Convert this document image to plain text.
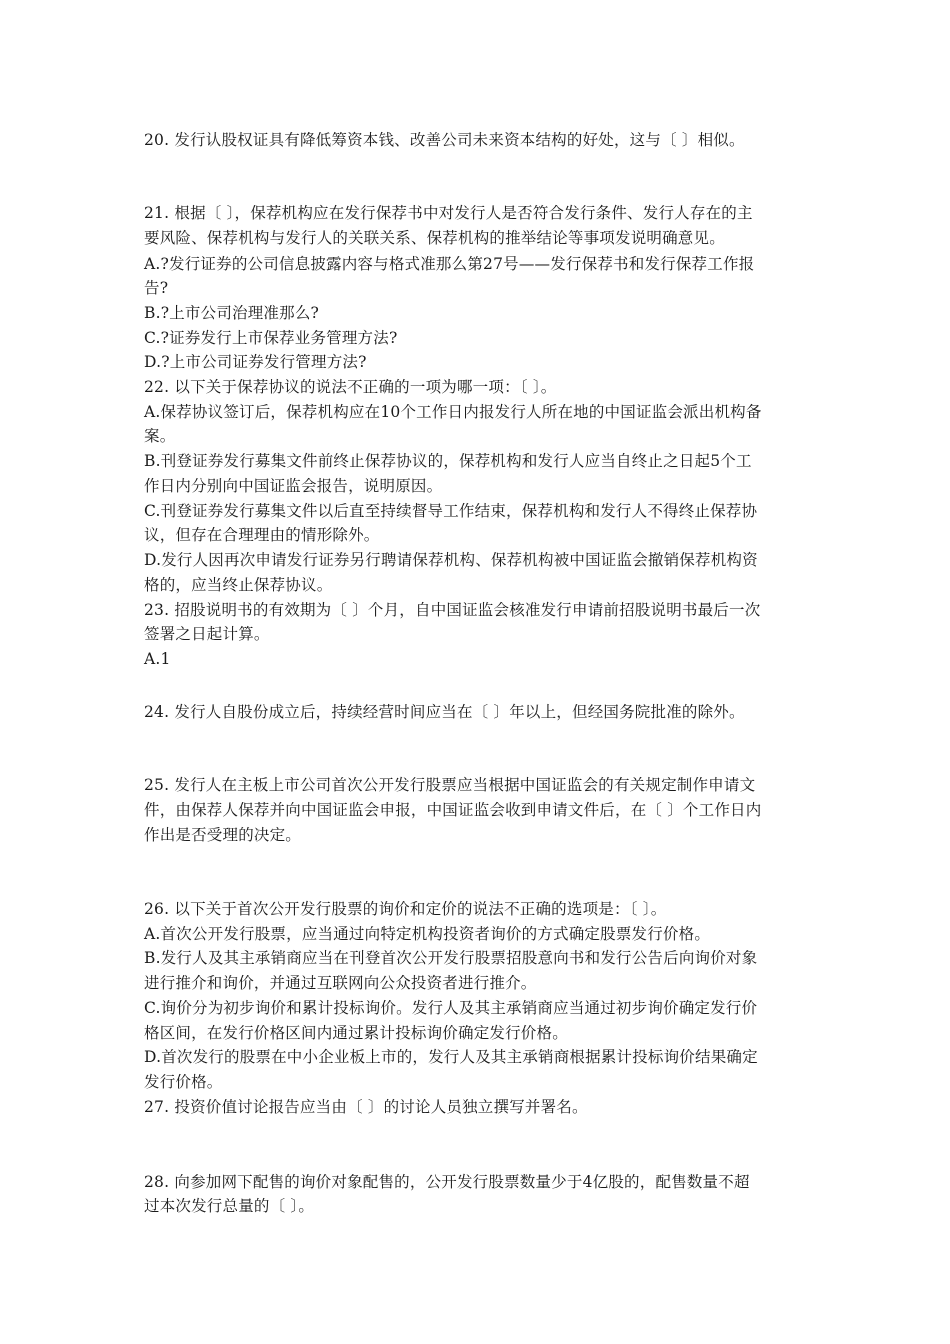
20. 发行认股权证具有降低筹资本钱、改善公司未来资本结构的好处，这与〔 〕相似。
21. 根据〔 〕，保荐机构应在发行保荐书中对发行人是否符合发行条件、发行人存在的主
要风险、保荐机构与发行人的关联关系、保荐机构的推举结论等事项发说明确意见。
A.?发行证券的公司信息披露内容与格式准那么第27号——发行保荐书和发行保荐工作报
告?
B.?上市公司治理准那么?
C.?证券发行上市保荐业务管理方法?
D.?上市公司证券发行管理方法?
22. 以下关于保荐协议的说法不正确的一项为哪一项：〔 〕。
A.保荐协议签订后，保荐机构应在10个工作日内报发行人所在地的中国证监会派出机构备
案。
B.刊登证券发行募集文件前终止保荐协议的，保荐机构和发行人应当自终止之日起5个工
作日内分别向中国证监会报告，说明原因。
C.刊登证券发行募集文件以后直至持续督导工作结束，保荐机构和发行人不得终止保荐协
议，但存在合理理由的情形除外。
D.发行人因再次申请发行证券另行聘请保荐机构、保荐机构被中国证监会撤销保荐机构资
格的，应当终止保荐协议。
23. 招股说明书的有效期为〔 〕个月，自中国证监会核准发行申请前招股说明书最后一次
签署之日起计算。
A.1
24. 发行人自股份成立后，持续经营时间应当在〔 〕年以上，但经国务院批准的除外。
25. 发行人在主板上市公司首次公开发行股票应当根据中国证监会的有关规定制作申请文
件，由保荐人保荐并向中国证监会申报，中国证监会收到申请文件后，在〔 〕个工作日内
作出是否受理的决定。
26. 以下关于首次公开发行股票的询价和定价的说法不正确的选项是：〔 〕。
A.首次公开发行股票，应当通过向特定机构投资者询价的方式确定股票发行价格。
B.发行人及其主承销商应当在刊登首次公开发行股票招股意向书和发行公告后向询价对象
进行推介和询价，并通过互联网向公众投资者进行推介。
C.询价分为初步询价和累计投标询价。发行人及其主承销商应当通过初步询价确定发行价
格区间，在发行价格区间内通过累计投标询价确定发行价格。
D.首次发行的股票在中小企业板上市的，发行人及其主承销商根据累计投标询价结果确定
发行价格。
27. 投资价值讨论报告应当由〔 〕的讨论人员独立撰写并署名。
28. 向参加网下配售的询价对象配售的，公开发行股票数量少于4亿股的，配售数量不超
过本次发行总量的〔 〕。
